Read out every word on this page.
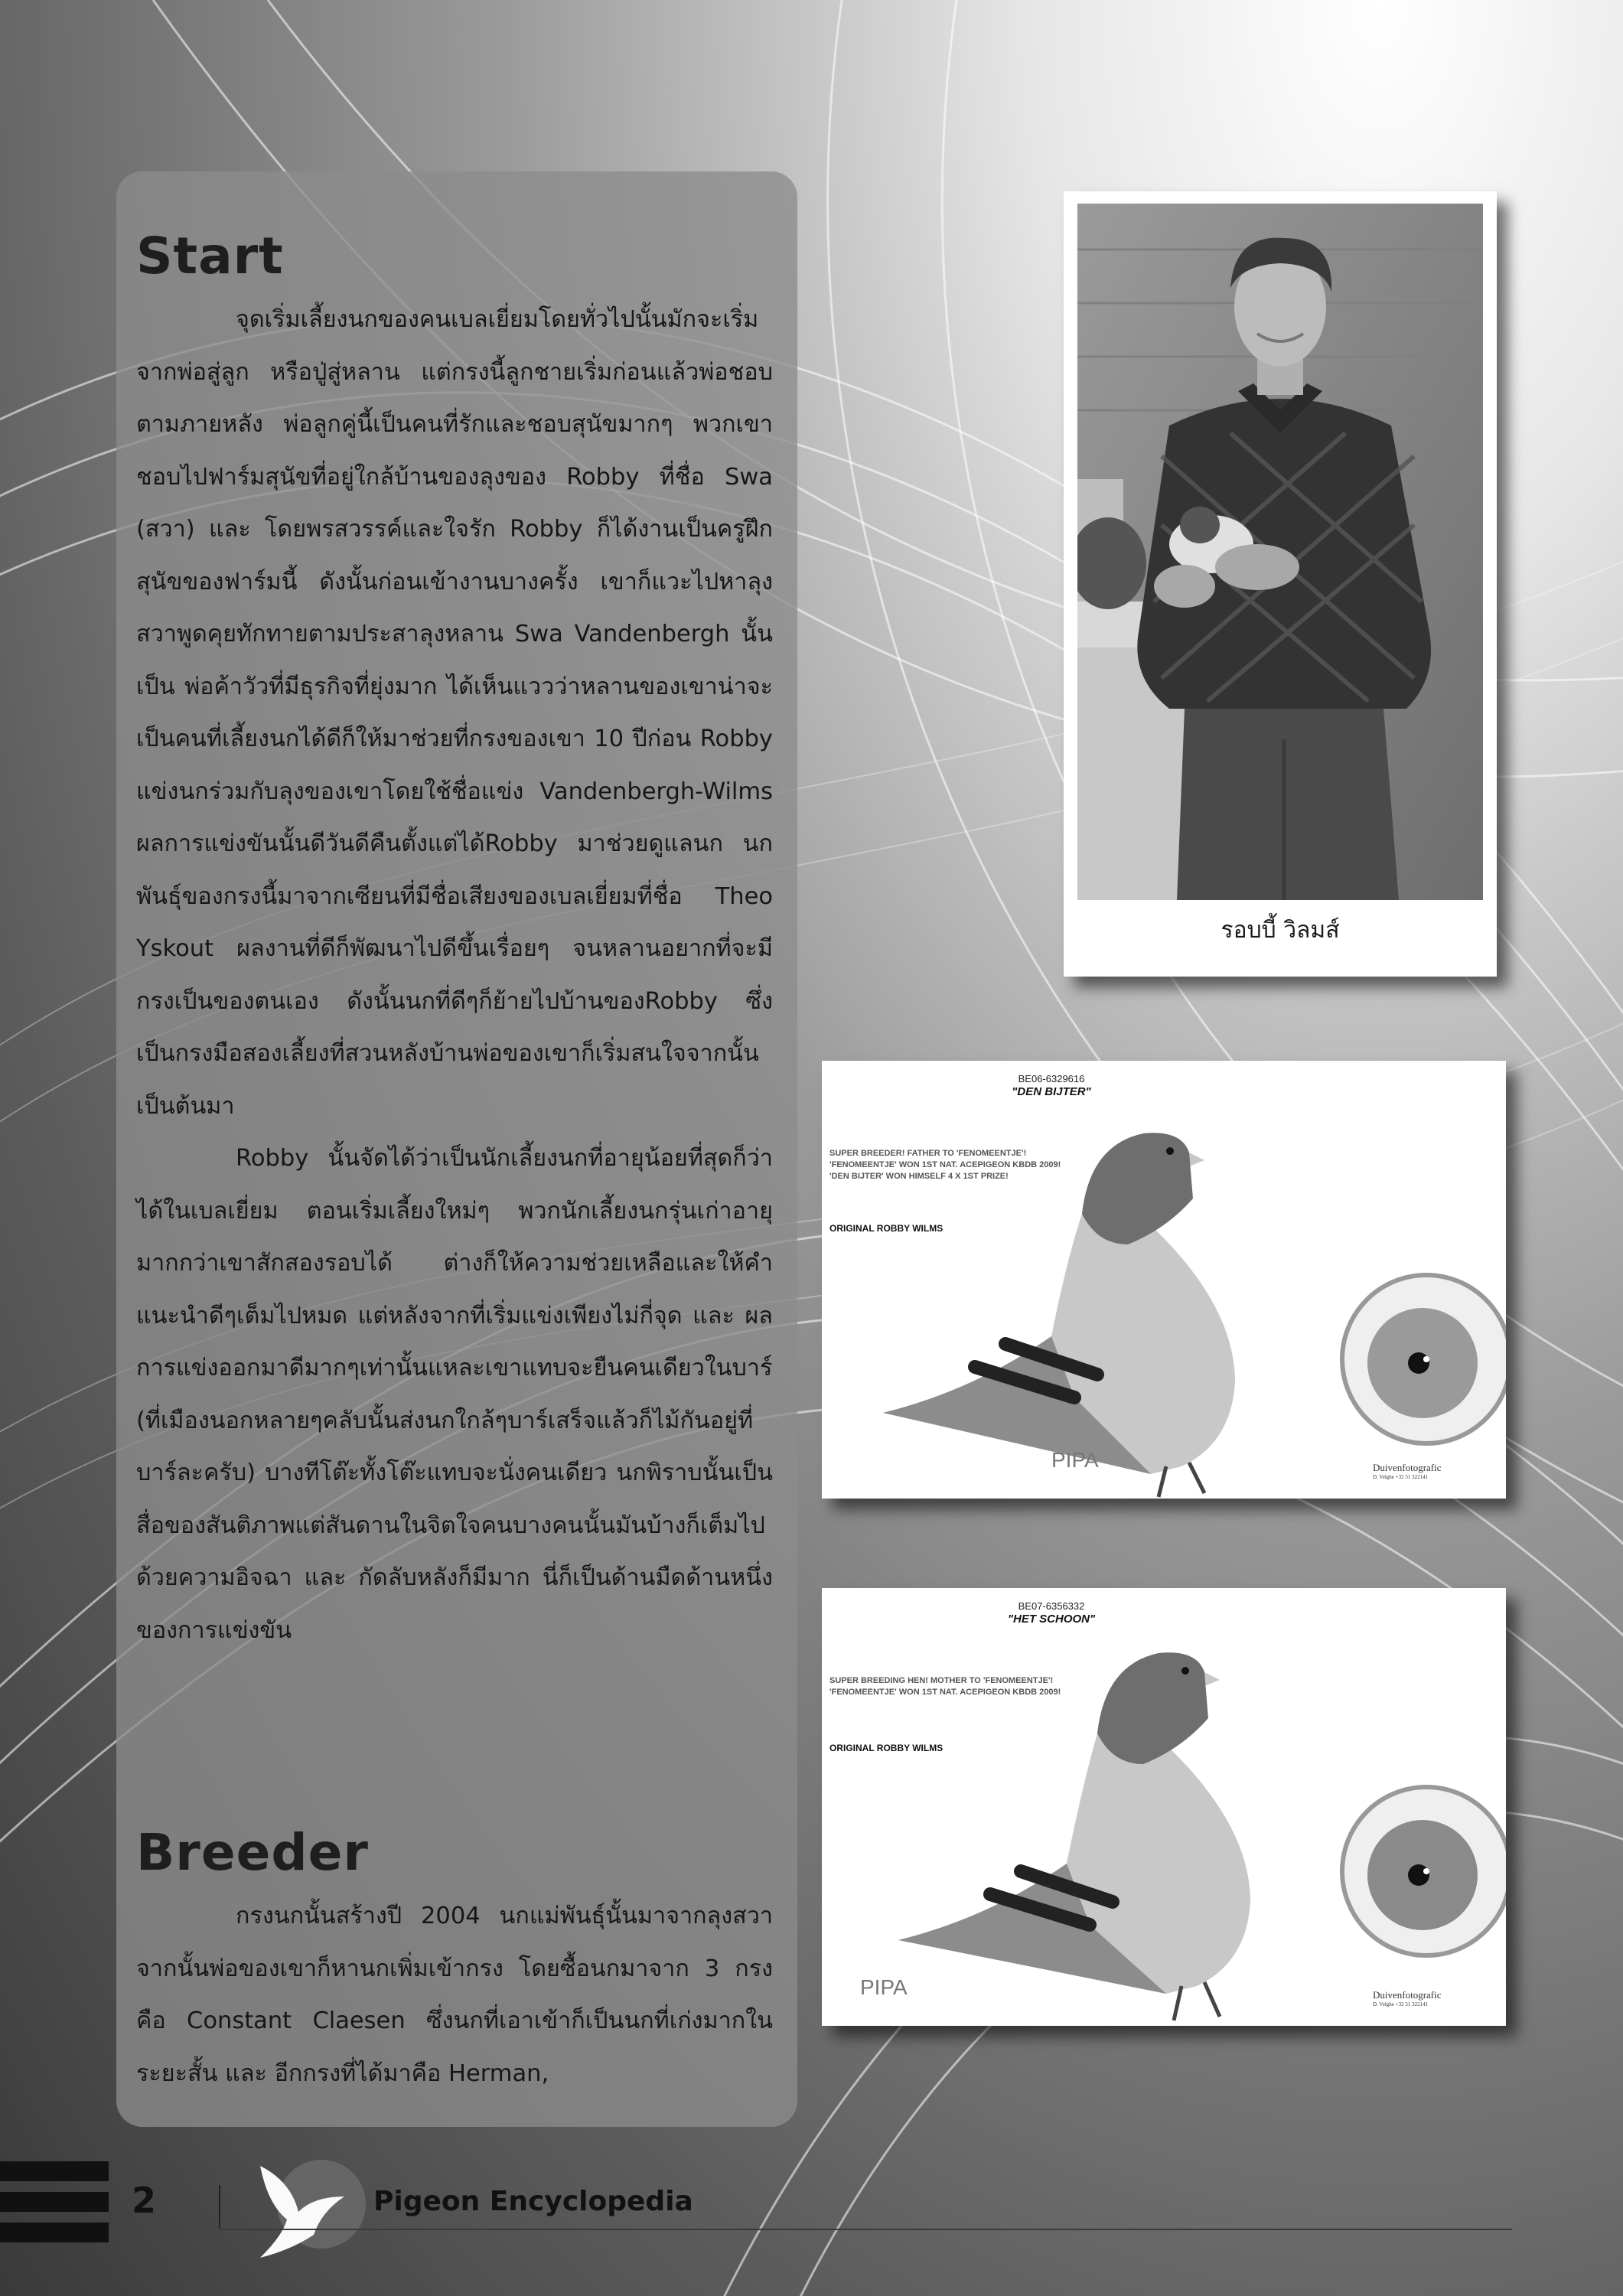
Start

จุดเริ่มเลี้ยงนกของคนเบลเยี่ยมโดยทั่วไปนั้นมักจะเริ่มจากพ่อสู่ลูก หรือปู่สู่หลาน แต่กรงนี้ลูกชายเริ่มก่อนแล้วพ่อชอบตามภายหลัง พ่อลูกคู่นี้เป็นคนที่รักและชอบสุนัขมากๆ พวกเขาชอบไปฟาร์มสุนัขที่อยู่ใกล้บ้านของลุงของ Robby ที่ชื่อ Swa (สวา) และ โดยพรสวรรค์และใจรัก Robby ก็ได้งานเป็นครูฝึกสุนัขของฟาร์มนี้ ดังนั้นก่อนเข้างานบางครั้ง เขาก็แวะไปหาลุงสวาพูดคุยทักทายตามประสาลุงหลาน Swa Vandenbergh นั้นเป็น พ่อค้าวัวที่มีธุรกิจที่ยุ่งมาก ได้เห็นแววว่าหลานของเขาน่าจะเป็นคนที่เลี้ยงนกได้ดีก็ให้มาช่วยที่กรงของเขา 10 ปีก่อน Robby แข่งนกร่วมกับลุงของเขาโดยใช้ชื่อแข่ง Vandenbergh-Wilms ผลการแข่งขันนั้นดีวันดีคืนตั้งแต่ได้Robby มาช่วยดูแลนก นกพันธุ์ของกรงนี้มาจากเซียนที่มีชื่อเสียงของเบลเยี่ยมที่ชื่อ Theo Yskout ผลงานที่ดีก็พัฒนาไปดีขึ้นเรื่อยๆ จนหลานอยากที่จะมีกรงเป็นของตนเอง ดังนั้นนกที่ดีๆก็ย้ายไปบ้านของRobby ซึ่งเป็นกรงมือสองเลี้ยงที่สวนหลังบ้านพ่อของเขาก็เริ่มสนใจจากนั้นเป็นต้นมา

Robby นั้นจัดได้ว่าเป็นนักเลี้ยงนกที่อายุน้อยที่สุดก็ว่าได้ในเบลเยี่ยม ตอนเริ่มเลี้ยงใหม่ๆ พวกนักเลี้ยงนกรุ่นเก่าอายุมากกว่าเขาสักสองรอบได้ ต่างก็ให้ความช่วยเหลือและให้คำแนะนำดีๆเต็มไปหมด แต่หลังจากที่เริ่มแข่งเพียงไม่กี่จุด และ ผลการแข่งออกมาดีมากๆเท่านั้นแหละเขาแทบจะยืนคนเดียวในบาร์ (ที่เมืองนอกหลายๆคลับนั้นส่งนกใกล้ๆบาร์เสร็จแล้วก็ไม้กันอยู่ที่บาร์ละครับ) บางทีโต๊ะทั้งโต๊ะแทบจะนั่งคนเดียว นกพิราบนั้นเป็นสื่อของสันติภาพแต่สันดานในจิตใจคนบางคนนั้นมันบ้างก็เต็มไปด้วยความอิจฉา และ กัดลับหลังก็มีมาก นี่ก็เป็นด้านมืดด้านหนึ่งของการแข่งขัน

Breeder

กรงนกนั้นสร้างปี 2004 นกแม่พันธุ์นั้นมาจากลุงสวา จากนั้นพ่อของเขาก็หานกเพิ่มเข้ากรง โดยซื้อนกมาจาก 3 กรงคือ Constant Claesen ซึ่งนกที่เอาเข้าก็เป็นนกที่เก่งมากในระยะสั้น และ อีกกรงที่ได้มาคือ Herman,

รอบบี้ วิลมส์
BE06-6329616
"DEN BIJTER"
SUPER BREEDER! FATHER TO 'FENOMEENTJE'!
'FENOMEENTJE' WON 1ST NAT. ACEPIGEON KBDB 2009!
'DEN BIJTER' WON HIMSELF 4 X 1ST PRIZE!
ORIGINAL ROBBY WILMS
PIPA	Duivenfotografic
D. Velghe +32 51 322141
BE07-6356332
"HET SCHOON"
SUPER BREEDING HEN! MOTHER TO 'FENOMEENTJE'!
'FENOMEENTJE' WON 1ST NAT. ACEPIGEON KBDB 2009!
ORIGINAL ROBBY WILMS
PIPA	Duivenfotografic
D. Velghe +32 51 322141
2	Pigeon Encyclopedia
